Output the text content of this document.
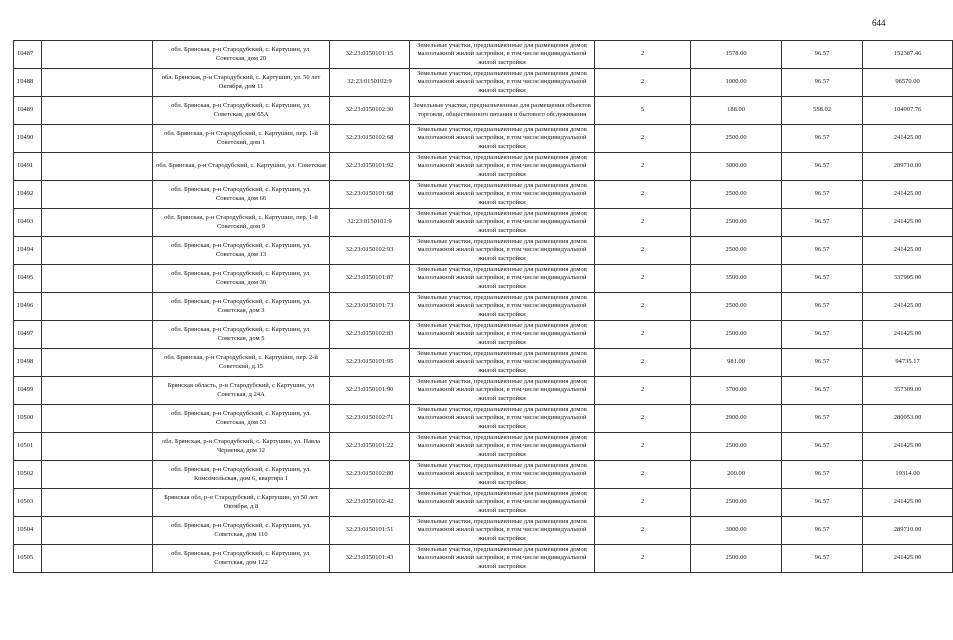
644
10487		обл. Брянская, р-н Стародубский, с. Картушин, ул. Советская, дом 20	32:23:0150101:15	Земельные участки, предназначенные для размещения домов малоэтажной жилой застройки, в том числе индивидуальной жилой застройки	2	1578.00	96.57	152387.46
10488		обл. Брянская, р-н Стародубский, с. Картушин, ул. 50 лет Октября, дом 11	32:23:0150102:9	Земельные участки, предназначенные для размещения домов малоэтажной жилой застройки, в том числе индивидуальной жилой застройки	2	1000.00	96.57	96570.00
10489		обл. Брянская, р-н Стародубский, с. Картушин, ул. Советская, дом 65А	32:23:0150102:30	Земельные участки, предназначенные для размещения объектов торговли, общественного питания и бытового обслуживания	5	188.00	558.02	104907.76
10490		обл. Брянская, р-н Стародубский, с. Картушин, пер. 1-й Советский, дом 1	32:23:0150102:68	Земельные участки, предназначенные для размещения домов малоэтажной жилой застройки, в том числе индивидуальной жилой застройки	2	2500.00	96.57	241425.00
10491		обл. Брянская, р-н Стародубский, с. Картушин, ул. Советская	32:23:0150101:92	Земельные участки, предназначенные для размещения домов малоэтажной жилой застройки, в том числе индивидуальной жилой застройки	2	3000.00	96.57	289710.00
10492		обл. Брянская, р-н Стародубский, с. Картушин, ул. Советская, дом 66	32:23:0150101:68	Земельные участки, предназначенные для размещения домов малоэтажной жилой застройки, в том числе индивидуальной жилой застройки	2	2500.00	96.57	241425.00
10493		обл. Брянская, р-н Стародубский, с. Картушин, пер. 1-й Советский, дом 9	32:23:0150101:9	Земельные участки, предназначенные для размещения домов малоэтажной жилой застройки, в том числе индивидуальной жилой застройки	2	2500.00	96.57	241425.00
10494		обл. Брянская, р-н Стародубский, с. Картушин, ул. Советская, дом 13	32:23:0150102:93	Земельные участки, предназначенные для размещения домов малоэтажной жилой застройки, в том числе индивидуальной жилой застройки	2	2500.00	96.57	241425.00
10495		обл. Брянская, р-н Стародубский, с. Картушин, ул. Советская, дом 36	32:23:0150101:87	Земельные участки, предназначенные для размещения домов малоэтажной жилой застройки, в том числе индивидуальной жилой застройки	2	3500.00	96.57	337995.00
10496		обл. Брянская, р-н Стародубский, с. Картушин, ул. Советская, дом 3	32:23:0150101:73	Земельные участки, предназначенные для размещения домов малоэтажной жилой застройки, в том числе индивидуальной жилой застройки	2	2500.00	96.57	241425.00
10497		обл. Брянская, р-н Стародубский, с. Картушин, ул. Советская, дом 5	32:23:0150102:83	Земельные участки, предназначенные для размещения домов малоэтажной жилой застройки, в том числе индивидуальной жилой застройки	2	2500.00	96.57	241425.00
10498		обл. Брянская, р-н Стародубский, с. Картушин, пер. 2-й Советский, д.15	32:23:0150101:95	Земельные участки, предназначенные для размещения домов малоэтажной жилой застройки, в том числе индивидуальной жилой застройки	2	981.00	96.57	94735.17
10499		Брянская область, р-н Стародубский, с Картушин, ул Советская, д 24А	32:23:0150101:90	Земельные участки, предназначенные для размещения домов малоэтажной жилой застройки, в том числе индивидуальной жилой застройки	2	3700.00	96.57	357309.00
10500		обл. Брянская, р-н Стародубский, с. Картушин, ул. Советская, дом 53	32:23:0150102:71	Земельные участки, предназначенные для размещения домов малоэтажной жилой застройки, в том числе индивидуальной жилой застройки	2	2900.00	96.57	280053.00
10501		обл. Брянская, р-н Стародубский, с. Картушин, ул. Павла Черненка, дом 12	32:23:0150101:22	Земельные участки, предназначенные для размещения домов малоэтажной жилой застройки, в том числе индивидуальной жилой застройки	2	2500.00	96.57	241425.00
10502		обл. Брянская, р-н Стародубский, с. Картушин, ул. Комсомольская, дом 6, квартира 1	32:23:0150102:80	Земельные участки, предназначенные для размещения домов малоэтажной жилой застройки, в том числе индивидуальной жилой застройки	2	200.00	96.57	19314.00
10503		Брянская обл, р-н Стародубский, с Картушин, ул 50 лет Октября, д 8	32:23:0150102:42	Земельные участки, предназначенные для размещения домов малоэтажной жилой застройки, в том числе индивидуальной жилой застройки	2	2500.00	96.57	241425.00
10504		обл. Брянская, р-н Стародубский, с. Картушин, ул. Советская, дом 110	32:23:0150101:51	Земельные участки, предназначенные для размещения домов малоэтажной жилой застройки, в том числе индивидуальной жилой застройки	2	3000.00	96.57	289710.00
10505		обл. Брянская, р-н Стародубский, с. Картушин, ул. Советская, дом 122	32:23:0150101:43	Земельные участки, предназначенные для размещения домов малоэтажной жилой застройки, в том числе индивидуальной жилой застройки	2	2500.00	96.57	241425.00
